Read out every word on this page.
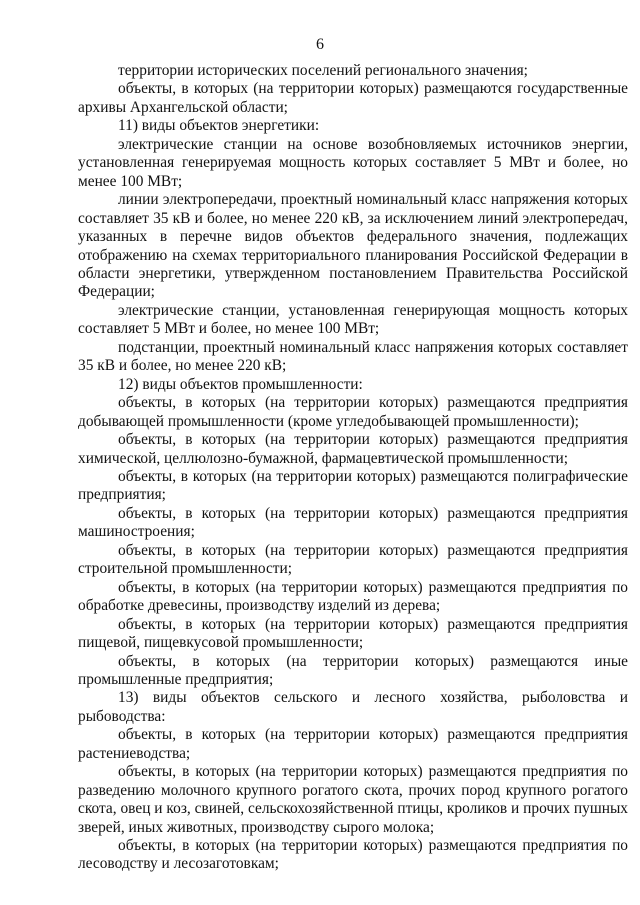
6

территории исторических поселений регионального значения;

объекты, в которых (на территории которых) размещаются государственные архивы Архангельской области;

11) виды объектов энергетики:

электрические станции на основе возобновляемых источников энергии, установленная генерируемая мощность которых составляет 5 МВт и более, но менее 100 МВт;

линии электропередачи, проектный номинальный класс напряжения которых составляет 35 кВ и более, но менее 220 кВ, за исключением линий электропередач, указанных в перечне видов объектов федерального значения, подлежащих отображению на схемах территориального планирования Российской Федерации в области энергетики, утвержденном постановлением Правительства Российской Федерации;

электрические станции, установленная генерирующая мощность которых составляет 5 МВт и более, но менее 100 МВт;

подстанции, проектный номинальный класс напряжения которых составляет 35 кВ и более, но менее 220 кВ;

12) виды объектов промышленности:

объекты, в которых (на территории которых) размещаются предприятия добывающей промышленности (кроме угледобывающей промышленности);

объекты, в которых (на территории которых) размещаются предприятия химической, целлюлозно-бумажной, фармацевтической промышленности;

объекты, в которых (на территории которых) размещаются полиграфические предприятия;

объекты, в которых (на территории которых) размещаются предприятия машиностроения;

объекты, в которых (на территории которых) размещаются предприятия строительной промышленности;

объекты, в которых (на территории которых) размещаются предприятия по обработке древесины, производству изделий из дерева;

объекты, в которых (на территории которых) размещаются предприятия пищевой, пищевкусовой промышленности;

объекты, в которых (на территории которых) размещаются иные промышленные предприятия;

13) виды объектов сельского и лесного хозяйства, рыболовства и рыбоводства:

объекты, в которых (на территории которых) размещаются предприятия растениеводства;

объекты, в которых (на территории которых) размещаются предприятия по разведению молочного крупного рогатого скота, прочих пород крупного рогатого скота, овец и коз, свиней, сельскохозяйственной птицы, кроликов и прочих пушных зверей, иных животных, производству сырого молока;

объекты, в которых (на территории которых) размещаются предприятия по лесоводству и лесозаготовкам;
